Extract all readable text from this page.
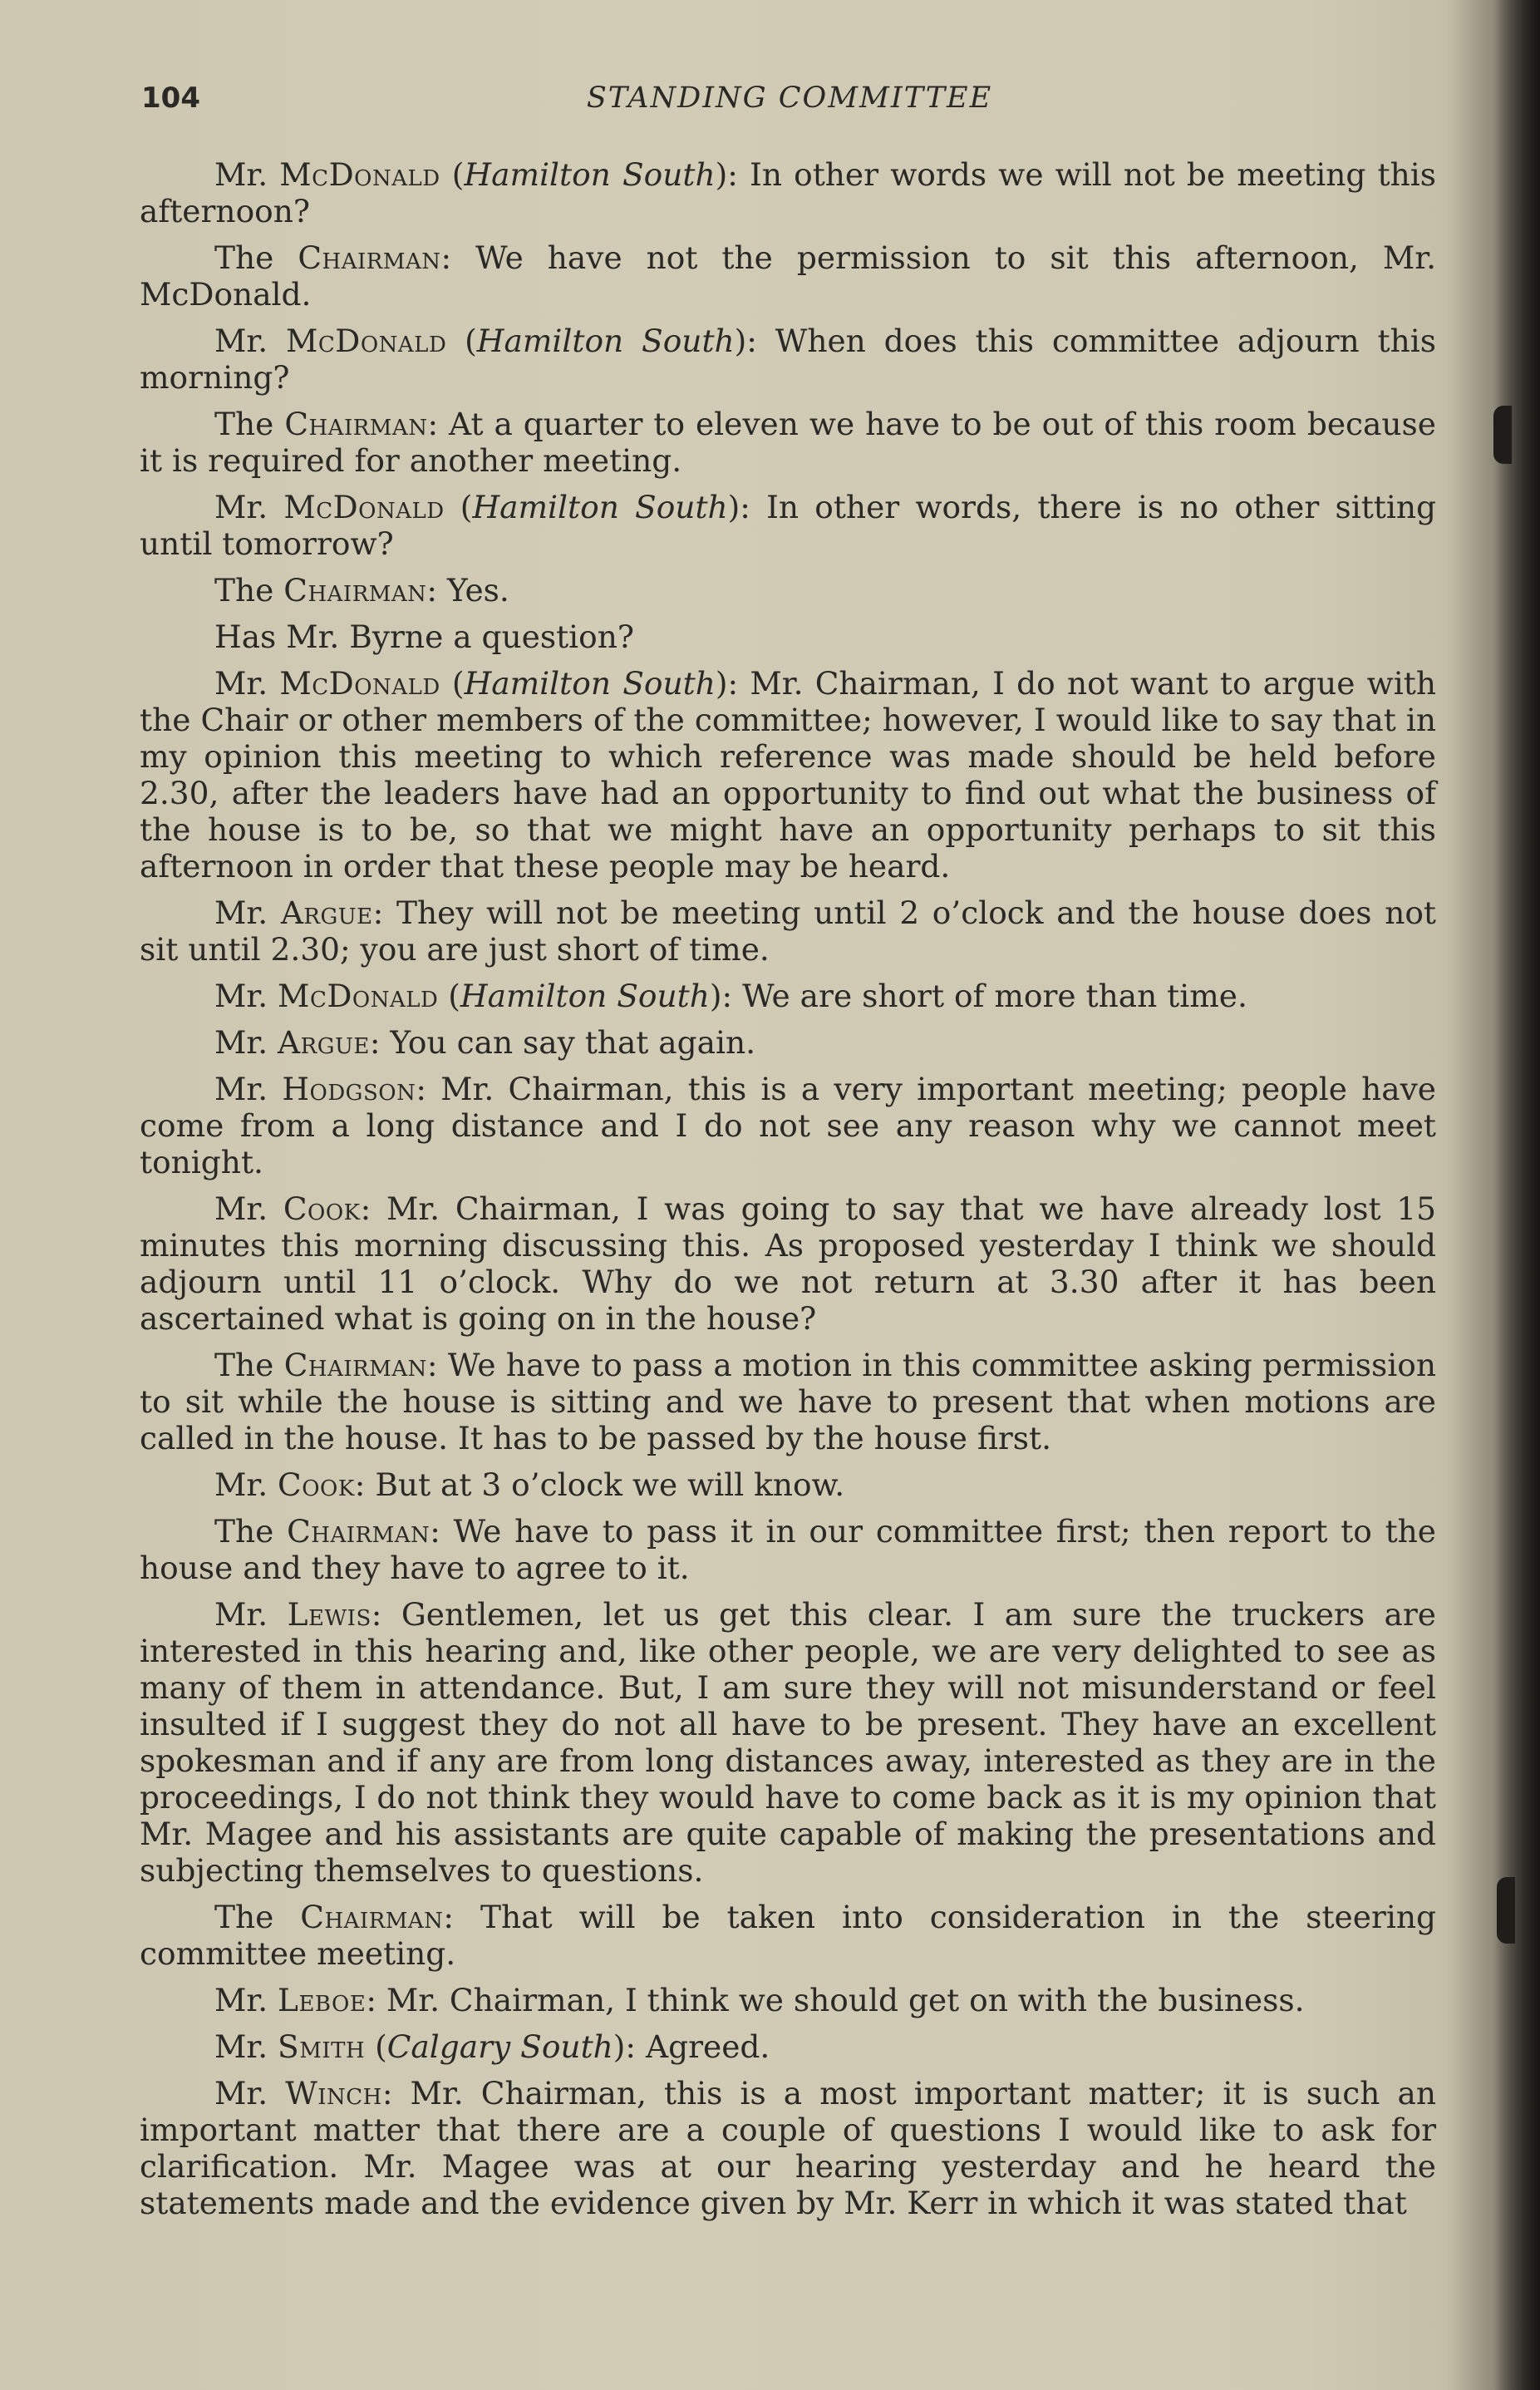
104	STANDING COMMITTEE

Mr. McDonald (Hamilton South): In other words we will not be meeting this afternoon?

The Chairman: We have not the permission to sit this afternoon, Mr. McDonald.

Mr. McDonald (Hamilton South): When does this committee adjourn this morning?

The Chairman: At a quarter to eleven we have to be out of this room because it is required for another meeting.

Mr. McDonald (Hamilton South): In other words, there is no other sitting until tomorrow?

The Chairman: Yes.

Has Mr. Byrne a question?

Mr. McDonald (Hamilton South): Mr. Chairman, I do not want to argue with the Chair or other members of the committee; however, I would like to say that in my opinion this meeting to which reference was made should be held before 2.30, after the leaders have had an opportunity to find out what the business of the house is to be, so that we might have an opportunity perhaps to sit this afternoon in order that these people may be heard.

Mr. Argue: They will not be meeting until 2 o’clock and the house does not sit until 2.30; you are just short of time.

Mr. McDonald (Hamilton South): We are short of more than time.

Mr. Argue: You can say that again.

Mr. Hodgson: Mr. Chairman, this is a very important meeting; people have come from a long distance and I do not see any reason why we cannot meet tonight.

Mr. Cook: Mr. Chairman, I was going to say that we have already lost 15 minutes this morning discussing this. As proposed yesterday I think we should adjourn until 11 o’clock. Why do we not return at 3.30 after it has been ascertained what is going on in the house?

The Chairman: We have to pass a motion in this committee asking permission to sit while the house is sitting and we have to present that when motions are called in the house. It has to be passed by the house first.

Mr. Cook: But at 3 o’clock we will know.

The Chairman: We have to pass it in our committee first; then report to the house and they have to agree to it.

Mr. Lewis: Gentlemen, let us get this clear. I am sure the truckers are interested in this hearing and, like other people, we are very delighted to see as many of them in attendance. But, I am sure they will not misunderstand or feel insulted if I suggest they do not all have to be present. They have an excellent spokesman and if any are from long distances away, interested as they are in the proceedings, I do not think they would have to come back as it is my opinion that Mr. Magee and his assistants are quite capable of making the presentations and subjecting themselves to questions.

The Chairman: That will be taken into consideration in the steering committee meeting.

Mr. Leboe: Mr. Chairman, I think we should get on with the business.

Mr. Smith (Calgary South): Agreed.

Mr. Winch: Mr. Chairman, this is a most important matter; it is such an important matter that there are a couple of questions I would like to ask for clarification. Mr. Magee was at our hearing yesterday and he heard the statements made and the evidence given by Mr. Kerr in which it was stated that
